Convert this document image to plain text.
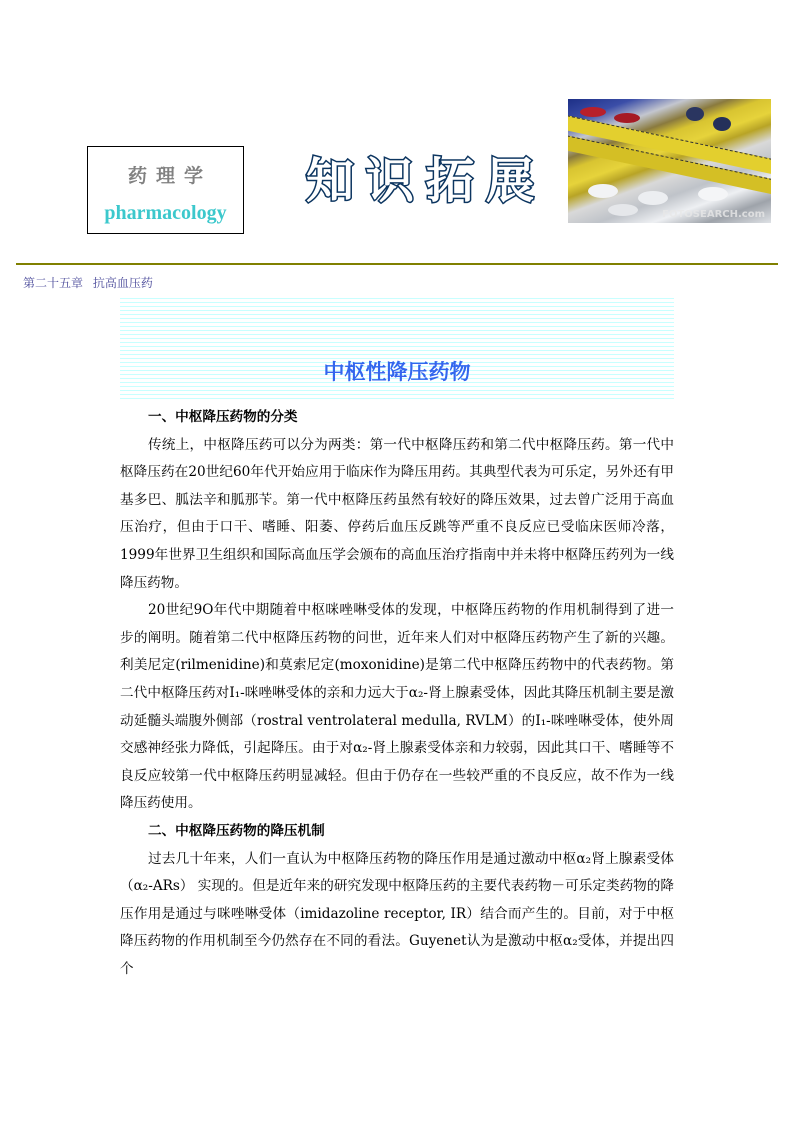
药理学
pharmacology
知 识 拓 展
FOTOSEARCH.com
第二十五章 抗高血压药
中枢性降压药物
一、中枢降压药物的分类

传统上，中枢降压药可以分为两类：第一代中枢降压药和第二代中枢降压药。第一代中枢降压药在20世纪60年代开始应用于临床作为降压用药。其典型代表为可乐定，另外还有甲基多巴、胍法辛和胍那苄。第一代中枢降压药虽然有较好的降压效果，过去曾广泛用于高血压治疗，但由于口干、嗜睡、阳萎、停药后血压反跳等严重不良反应已受临床医师冷落，1999年世界卫生组织和国际高血压学会颁布的高血压治疗指南中并未将中枢降压药列为一线降压药物。

20世纪9O年代中期随着中枢咪唑啉受体的发现，中枢降压药物的作用机制得到了进一步的阐明。随着第二代中枢降压药物的问世，近年来人们对中枢降压药物产生了新的兴趣。利美尼定(rilmenidine)和莫索尼定(moxonidine)是第二代中枢降压药物中的代表药物。第二代中枢降压药对I₁-咪唑啉受体的亲和力远大于α₂-肾上腺素受体，因此其降压机制主要是激动延髓头端腹外侧部（rostral ventrolateral medulla, RVLM）的I₁-咪唑啉受体，使外周交感神经张力降低，引起降压。由于对α₂-肾上腺素受体亲和力较弱，因此其口干、嗜睡等不良反应较第一代中枢降压药明显减轻。但由于仍存在一些较严重的不良反应，故不作为一线降压药使用。

二、中枢降压药物的降压机制

过去几十年来，人们一直认为中枢降压药物的降压作用是通过激动中枢α₂肾上腺素受体（α₂-ARs） 实现的。但是近年来的研究发现中枢降压药的主要代表药物－可乐定类药物的降压作用是通过与咪唑啉受体（imidazoline receptor, IR）结合而产生的。目前，对于中枢降压药物的作用机制至今仍然存在不同的看法。Guyenet认为是激动中枢α₂受体，并提出四个
